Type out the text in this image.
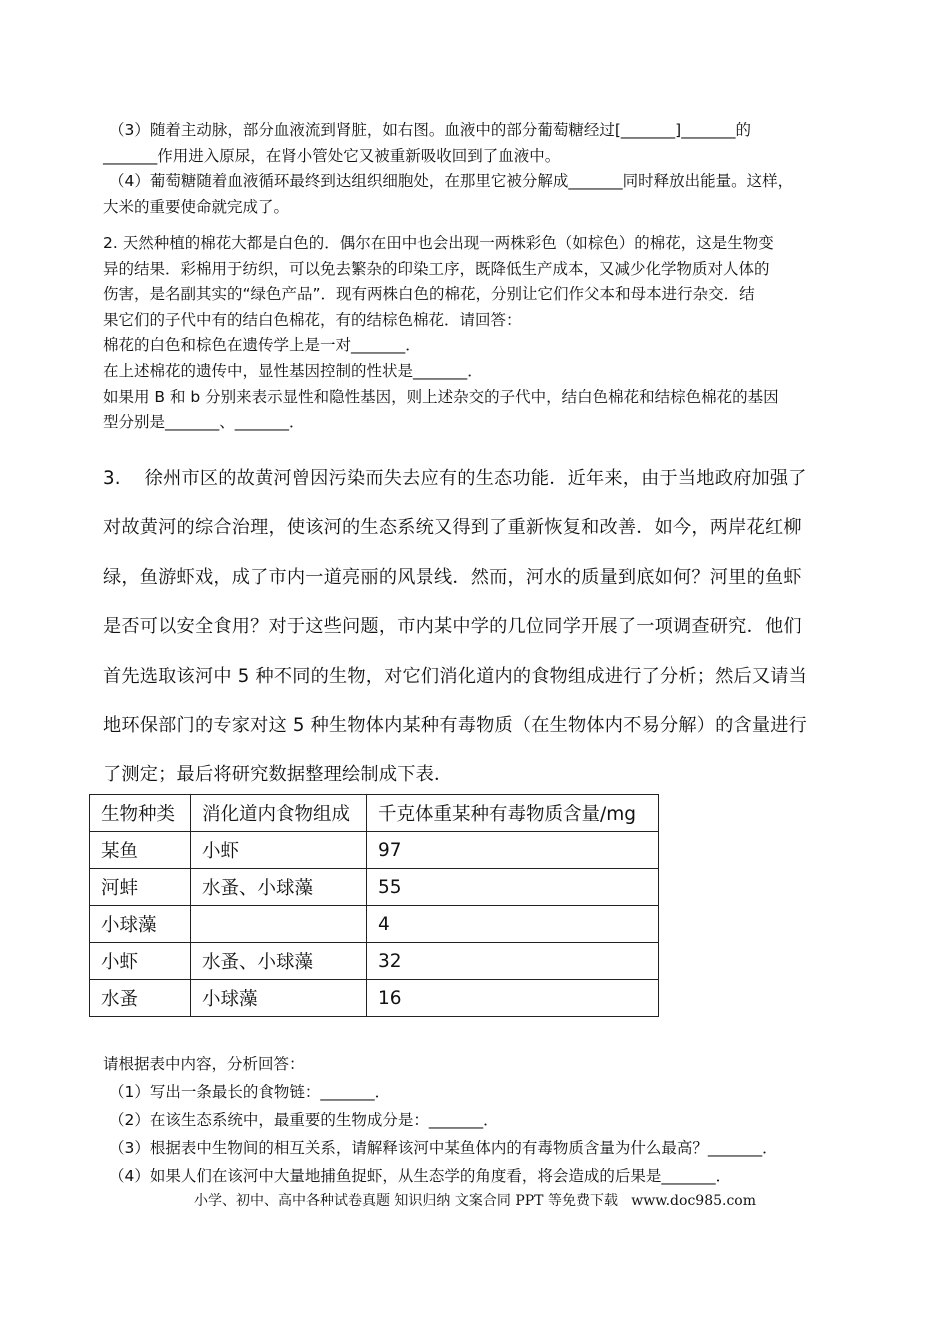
（3）随着主动脉，部分血液流到肾脏，如右图。血液中的部分葡萄糖经过[_______]_______的

_______作用进入原尿，在肾小管处它又被重新吸收回到了血液中。

（4）葡萄糖随着血液循环最终到达组织细胞处，在那里它被分解成_______同时释放出能量。这样，

大米的重要使命就完成了。

2. 天然种植的棉花大都是白色的．偶尔在田中也会出现一两株彩色（如棕色）的棉花，这是生物变

异的结果．彩棉用于纺织，可以免去繁杂的印染工序，既降低生产成本，又减少化学物质对人体的

伤害，是名副其实的“绿色产品”．现有两株白色的棉花，分别让它们作父本和母本进行杂交．结

果它们的子代中有的结白色棉花，有的结棕色棉花．请回答：

棉花的白色和棕色在遗传学上是一对_______．

在上述棉花的遗传中，显性基因控制的性状是_______．

如果用 B 和 b 分别来表示显性和隐性基因，则上述杂交的子代中，结白色棉花和结棕色棉花的基因

型分别是_______、_______．

3.    徐州市区的故黄河曾因污染而失去应有的生态功能．近年来，由于当地政府加强了

对故黄河的综合治理，使该河的生态系统又得到了重新恢复和改善．如今，两岸花红柳

绿，鱼游虾戏，成了市内一道亮丽的风景线．然而，河水的质量到底如何？河里的鱼虾

是否可以安全食用？对于这些问题，市内某中学的几位同学开展了一项调查研究．他们

首先选取该河中 5 种不同的生物，对它们消化道内的食物组成进行了分析；然后又请当

地环保部门的专家对这 5 种生物体内某种有毒物质（在生物体内不易分解）的含量进行

了测定；最后将研究数据整理绘制成下表．

生物种类	消化道内食物组成	千克体重某种有毒物质含量/mg
某鱼	小虾	97
河蚌	水蚤、小球藻	55
小球藻		4
小虾	水蚤、小球藻	32
水蚤	小球藻	16

请根据表中内容，分析回答：

（1）写出一条最长的食物链：_______．

（2）在该生态系统中，最重要的生物成分是：_______．

（3）根据表中生物间的相互关系，请解释该河中某鱼体内的有毒物质含量为什么最高？_______．

（4）如果人们在该河中大量地捕鱼捉虾，从生态学的角度看，将会造成的后果是_______．

小学、初中、高中各种试卷真题 知识归纳 文案合同 PPT 等免费下载   www.doc985.com
